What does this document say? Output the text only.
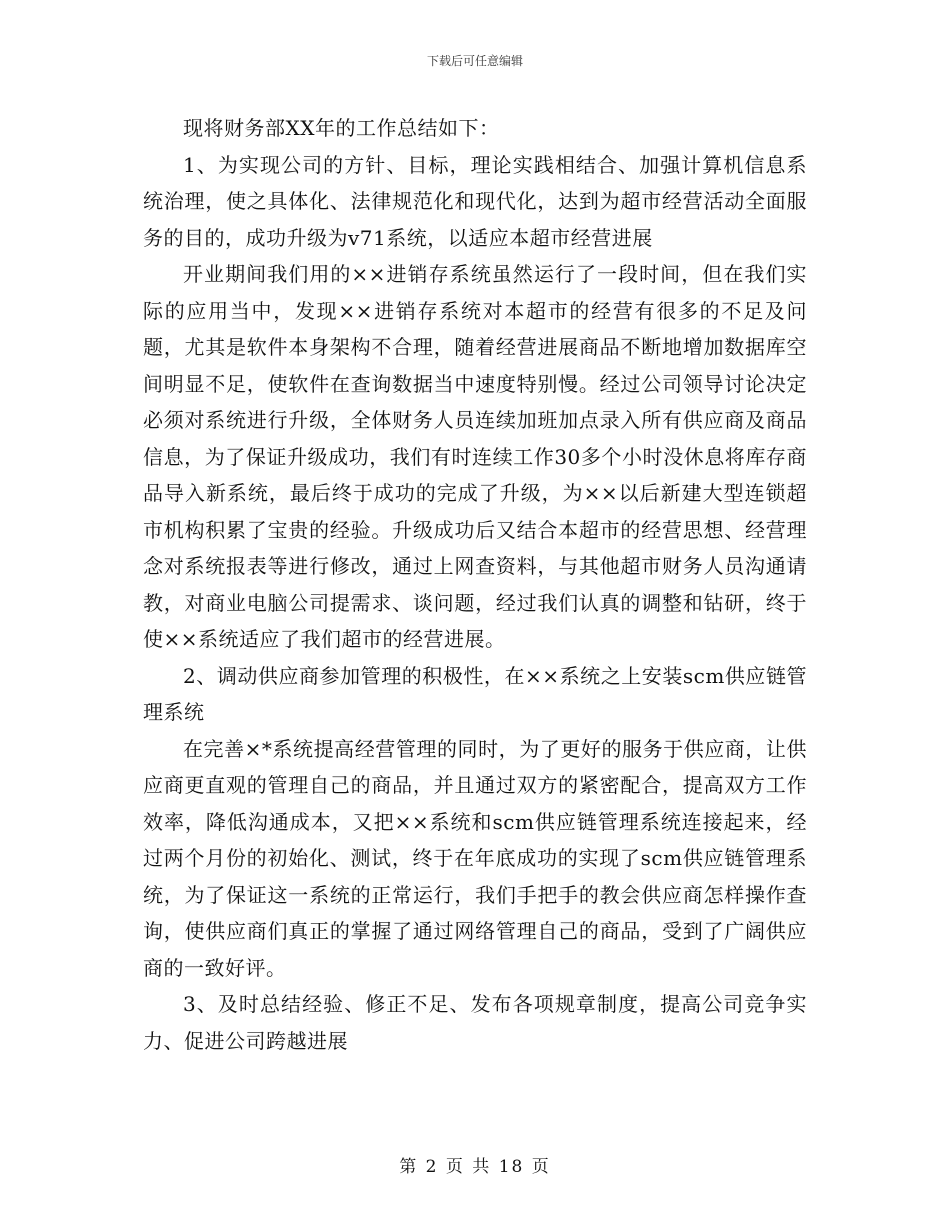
下载后可任意编辑

现将财务部XX年的工作总结如下：

1、为实现公司的方针、目标，理论实践相结合、加强计算机信息系统治理，使之具体化、法律规范化和现代化，达到为超市经营活动全面服务的目的，成功升级为v71系统，以适应本超市经营进展

开业期间我们用的××进销存系统虽然运行了一段时间，但在我们实际的应用当中，发现××进销存系统对本超市的经营有很多的不足及问题，尤其是软件本身架构不合理，随着经营进展商品不断地增加数据库空间明显不足，使软件在查询数据当中速度特别慢。经过公司领导讨论决定必须对系统进行升级，全体财务人员连续加班加点录入所有供应商及商品信息，为了保证升级成功，我们有时连续工作30多个小时没休息将库存商品导入新系统，最后终于成功的完成了升级，为××以后新建大型连锁超市机构积累了宝贵的经验。升级成功后又结合本超市的经营思想、经营理念对系统报表等进行修改，通过上网查资料，与其他超市财务人员沟通请教，对商业电脑公司提需求、谈问题，经过我们认真的调整和钻研，终于使××系统适应了我们超市的经营进展。

2、调动供应商参加管理的积极性，在××系统之上安装scm供应链管理系统

在完善×*系统提高经营管理的同时，为了更好的服务于供应商，让供应商更直观的管理自己的商品，并且通过双方的紧密配合，提高双方工作效率，降低沟通成本，又把××系统和scm供应链管理系统连接起来，经过两个月份的初始化、测试，终于在年底成功的实现了scm供应链管理系统，为了保证这一系统的正常运行，我们手把手的教会供应商怎样操作查询，使供应商们真正的掌握了通过网络管理自己的商品，受到了广阔供应商的一致好评。

3、及时总结经验、修正不足、发布各项规章制度，提高公司竞争实力、促进公司跨越进展

第 2 页 共 18 页
